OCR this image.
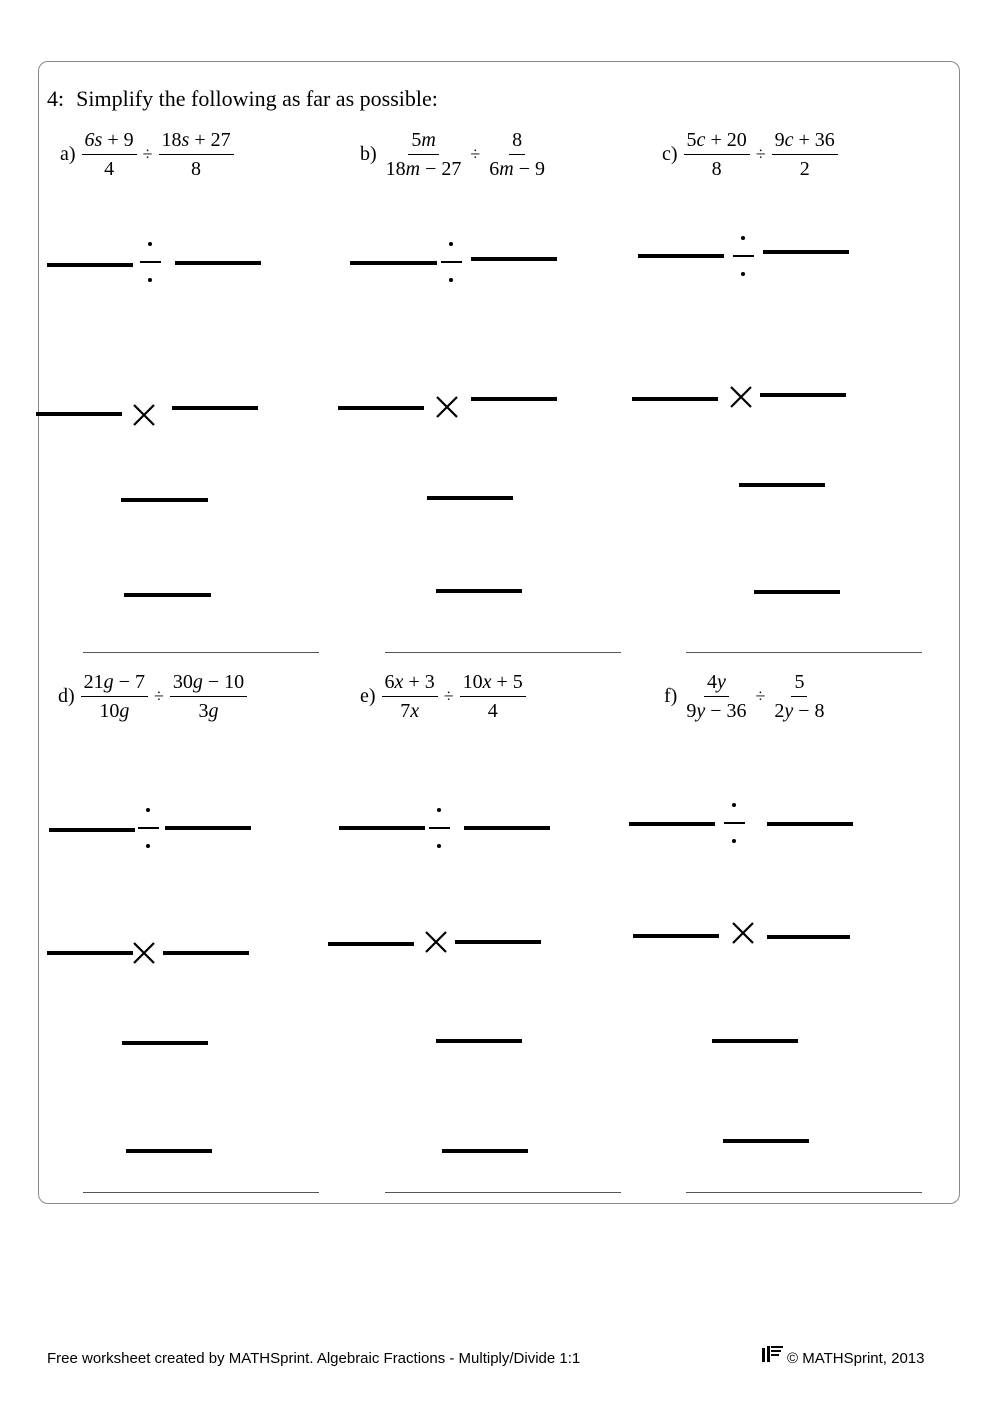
4: Simplify the following as far as possible:
$a) \frac{6s + 9}{4} \div \frac{18s + 27}{8}$	$b) \frac{5m}{18m - 27} \div \frac{8}{6m - 9}$	$c) \frac{5c + 20}{8} \div \frac{9c + 36}{2}$
$d) \frac{21g - 7}{10g} \div \frac{30g - 10}{3g}$	$e) \frac{6x + 3}{7x} \div \frac{10x + 5}{4}$	$f) \frac{4y}{9y - 36} \div \frac{5}{2y - 8}$
Free worksheet created by MATHSprint. Algebraic Fractions - Multiply/Divide 1:1	© MATHSprint, 2013
